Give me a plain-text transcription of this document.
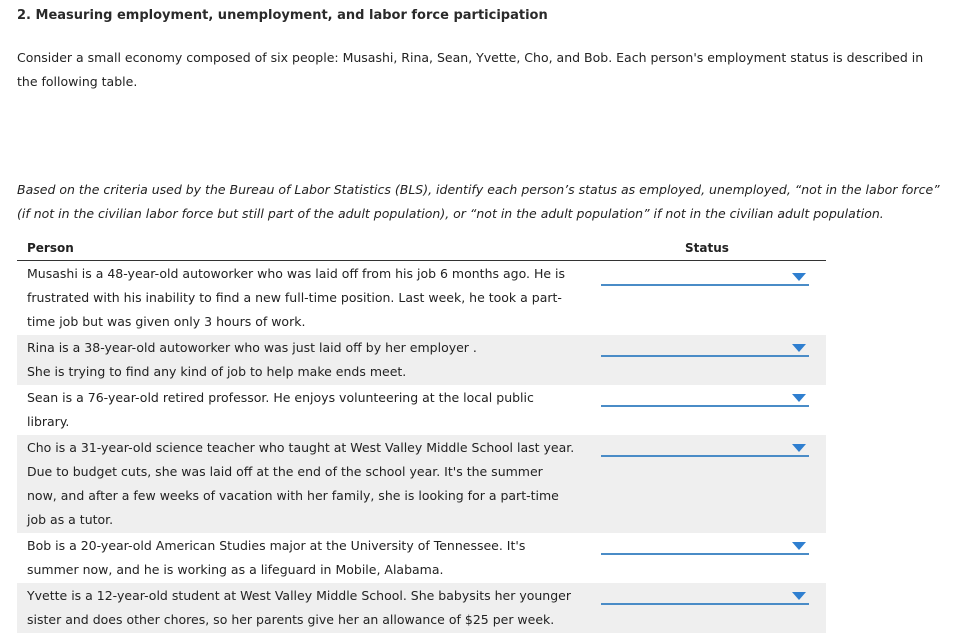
2. Measuring employment, unemployment, and labor force participation
Consider a small economy composed of six people: Musashi, Rina, Sean, Yvette, Cho, and Bob. Each person's employment status is described in the following table.
Based on the criteria used by the Bureau of Labor Statistics (BLS), identify each person’s status as employed, unemployed, “not in the labor force” (if not in the civilian labor force but still part of the adult population), or “not in the adult population” if not in the civilian adult population.
Person	Status
Musashi is a 48-year-old autoworker who was laid off from his job 6 months ago. He is frustrated with his inability to find a new full-time position. Last week, he took a part-time job but was given only 3 hours of work.
Rina is a 38-year-old autoworker who was just laid off by her employer . She is trying to find any kind of job to help make ends meet.
Sean is a 76-year-old retired professor. He enjoys volunteering at the local public library.
Cho is a 31-year-old science teacher who taught at West Valley Middle School last year. Due to budget cuts, she was laid off at the end of the school year. It's the summer now, and after a few weeks of vacation with her family, she is looking for a part-time job as a tutor.
Bob is a 20-year-old American Studies major at the University of Tennessee. It's summer now, and he is working as a lifeguard in Mobile, Alabama.
Yvette is a 12-year-old student at West Valley Middle School. She babysits her younger sister and does other chores, so her parents give her an allowance of $25 per week.
